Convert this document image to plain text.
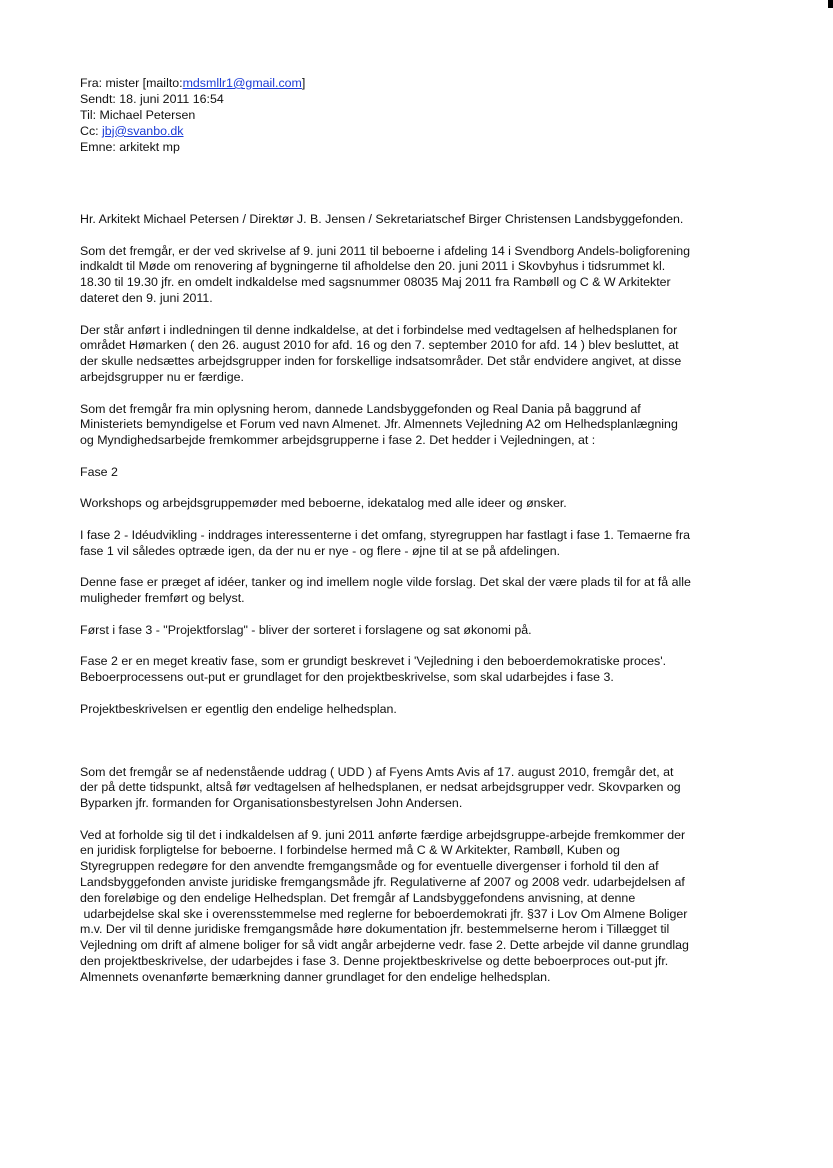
Fra: mister [mailto:mdsmllr1@gmail.com]
Sendt: 18. juni 2011 16:54
Til: Michael Petersen
Cc: jbj@svanbo.dk
Emne: arkitekt mp

Hr. Arkitekt Michael Petersen / Direktør J. B. Jensen / Sekretariatschef Birger Christensen Landsbyggefonden.

Som det fremgår, er der ved skrivelse af 9. juni 2011 til beboerne i afdeling 14 i Svendborg Andels-boligforening
indkaldt til Møde om renovering af bygningerne til afholdelse den 20. juni 2011 i Skovbyhus i tidsrummet kl.
18.30 til 19.30 jfr. en omdelt indkaldelse med sagsnummer 08035 Maj 2011 fra Rambøll og C & W Arkitekter
dateret den 9. juni 2011.

Der står anført i indledningen til denne indkaldelse, at det i forbindelse med vedtagelsen af helhedsplanen for
området Hømarken ( den 26. august 2010 for afd. 16 og den 7. september 2010 for afd. 14 ) blev besluttet, at
der skulle nedsættes arbejdsgrupper inden for forskellige indsatsområder. Det står endvidere angivet, at disse
arbejdsgrupper nu er færdige.

Som det fremgår fra min oplysning herom, dannede Landsbyggefonden og Real Dania på baggrund af
Ministeriets bemyndigelse et Forum ved navn Almenet. Jfr. Almennets Vejledning A2 om Helhedsplanlægning
og Myndighedsarbejde fremkommer arbejdsgrupperne i fase 2. Det hedder i Vejledningen, at :

Fase 2

Workshops og arbejdsgruppemøder med beboerne, idekatalog med alle ideer og ønsker.

I fase 2 - Idéudvikling - inddrages interessenterne i det omfang, styregruppen har fastlagt i fase 1. Temaerne fra
fase 1 vil således optræde igen, da der nu er nye - og flere - øjne til at se på afdelingen.

Denne fase er præget af idéer, tanker og ind imellem nogle vilde forslag. Det skal der være plads til for at få alle
muligheder fremført og belyst.

Først i fase 3 - "Projektforslag" - bliver der sorteret i forslagene og sat økonomi på.

Fase 2 er en meget kreativ fase, som er grundigt beskrevet i 'Vejledning i den beboerdemokratiske proces'.
Beboerprocessens out-put er grundlaget for den projektbeskrivelse, som skal udarbejdes i fase 3.

Projektbeskrivelsen er egentlig den endelige helhedsplan.

Som det fremgår se af nedenstående uddrag ( UDD ) af Fyens Amts Avis af 17. august 2010, fremgår det, at
der på dette tidspunkt, altså før vedtagelsen af helhedsplanen, er nedsat arbejdsgrupper vedr. Skovparken og
Byparken jfr. formanden for Organisationsbestyrelsen John Andersen.

Ved at forholde sig til det i indkaldelsen af 9. juni 2011 anførte færdige arbejdsgruppe-arbejde fremkommer der
en juridisk forpligtelse for beboerne. I forbindelse hermed må C & W Arkitekter, Rambøll, Kuben og
Styregruppen redegøre for den anvendte fremgangsmåde og for eventuelle divergenser i forhold til den af
Landsbyggefonden anviste juridiske fremgangsmåde jfr. Regulativerne af 2007 og 2008 vedr. udarbejdelsen af
den foreløbige og den endelige Helhedsplan. Det fremgår af Landsbyggefondens anvisning, at denne
udarbejdelse skal ske i overensstemmelse med reglerne for beboerdemokrati jfr. §37 i Lov Om Almene Boliger
m.v. Der vil til denne juridiske fremgangsmåde høre dokumentation jfr. bestemmelserne herom i Tillægget til
Vejledning om drift af almene boliger for så vidt angår arbejderne vedr. fase 2. Dette arbejde vil danne grundlag
den projektbeskrivelse, der udarbejdes i fase 3. Denne projektbeskrivelse og dette beboerproces out-put jfr.
Almennets ovenanførte bemærkning danner grundlaget for den endelige helhedsplan.
